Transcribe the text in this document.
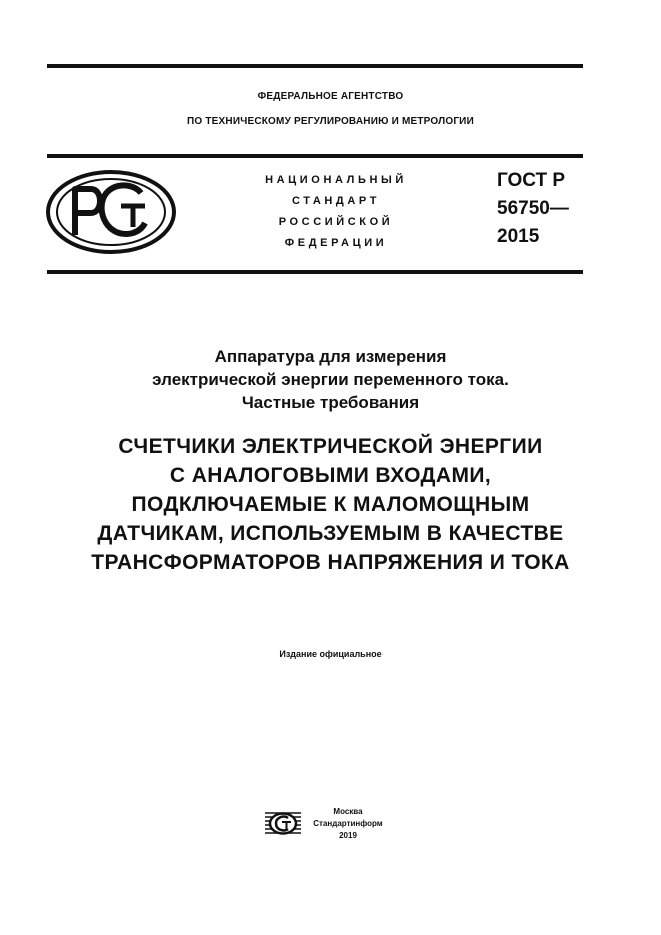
ФЕДЕРАЛЬНОЕ АГЕНТСТВО
ПО ТЕХНИЧЕСКОМУ РЕГУЛИРОВАНИЮ И МЕТРОЛОГИИ
НАЦИОНАЛЬНЫЙ
СТАНДАРТ
РОССИЙСКОЙ
ФЕДЕРАЦИИ
ГОСТ Р
56750—
2015
Аппаратура для измерения
электрической энергии переменного тока.
Частные требования
СЧЕТЧИКИ ЭЛЕКТРИЧЕСКОЙ ЭНЕРГИИ
С АНАЛОГОВЫМИ ВХОДАМИ,
ПОДКЛЮЧАЕМЫЕ К МАЛОМОЩНЫМ
ДАТЧИКАМ, ИСПОЛЬЗУЕМЫМ В КАЧЕСТВЕ
ТРАНСФОРМАТОРОВ НАПРЯЖЕНИЯ И ТОКА
Издание официальное
Москва
Стандартинформ
2019
